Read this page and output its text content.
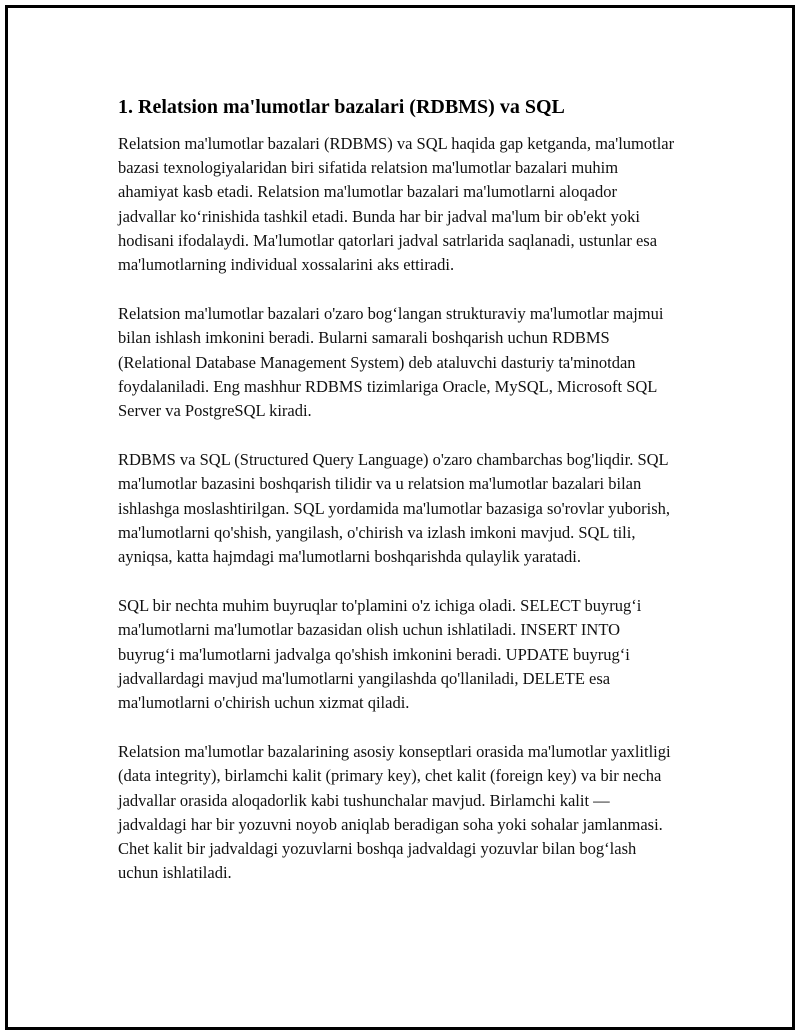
1. Relatsion ma'lumotlar bazalari (RDBMS) va SQL

Relatsion ma'lumotlar bazalari (RDBMS) va SQL haqida gap ketganda, ma'lumotlar bazasi texnologiyalaridan biri sifatida relatsion ma'lumotlar bazalari muhim ahamiyat kasb etadi. Relatsion ma'lumotlar bazalari ma'lumotlarni aloqador jadvallar koʻrinishida tashkil etadi. Bunda har bir jadval ma'lum bir ob'ekt yoki hodisani ifodalaydi. Ma'lumotlar qatorlari jadval satrlarida saqlanadi, ustunlar esa ma'lumotlarning individual xossalarini aks ettiradi.

Relatsion ma'lumotlar bazalari o'zaro bogʻlangan strukturaviy ma'lumotlar majmui bilan ishlash imkonini beradi. Bularni samarali boshqarish uchun RDBMS (Relational Database Management System) deb ataluvchi dasturiy ta'minotdan foydalaniladi. Eng mashhur RDBMS tizimlariga Oracle, MySQL, Microsoft SQL Server va PostgreSQL kiradi.

RDBMS va SQL (Structured Query Language) o'zaro chambarchas bog'liqdir. SQL ma'lumotlar bazasini boshqarish tilidir va u relatsion ma'lumotlar bazalari bilan ishlashga moslashtirilgan. SQL yordamida ma'lumotlar bazasiga so'rovlar yuborish, ma'lumotlarni qo'shish, yangilash, o'chirish va izlash imkoni mavjud. SQL tili, ayniqsa, katta hajmdagi ma'lumotlarni boshqarishda qulaylik yaratadi.

SQL bir nechta muhim buyruqlar to'plamini o'z ichiga oladi. SELECT buyrugʻi ma'lumotlarni ma'lumotlar bazasidan olish uchun ishlatiladi. INSERT INTO buyrugʻi ma'lumotlarni jadvalga qo'shish imkonini beradi. UPDATE buyrugʻi jadvallardagi mavjud ma'lumotlarni yangilashda qo'llaniladi, DELETE esa ma'lumotlarni o'chirish uchun xizmat qiladi.

Relatsion ma'lumotlar bazalarining asosiy konseptlari orasida ma'lumotlar yaxlitligi (data integrity), birlamchi kalit (primary key), chet kalit (foreign key) va bir necha jadvallar orasida aloqadorlik kabi tushunchalar mavjud. Birlamchi kalit — jadvaldagi har bir yozuvni noyob aniqlab beradigan soha yoki sohalar jamlanmasi. Chet kalit bir jadvaldagi yozuvlarni boshqa jadvaldagi yozuvlar bilan bogʻlash uchun ishlatiladi.
